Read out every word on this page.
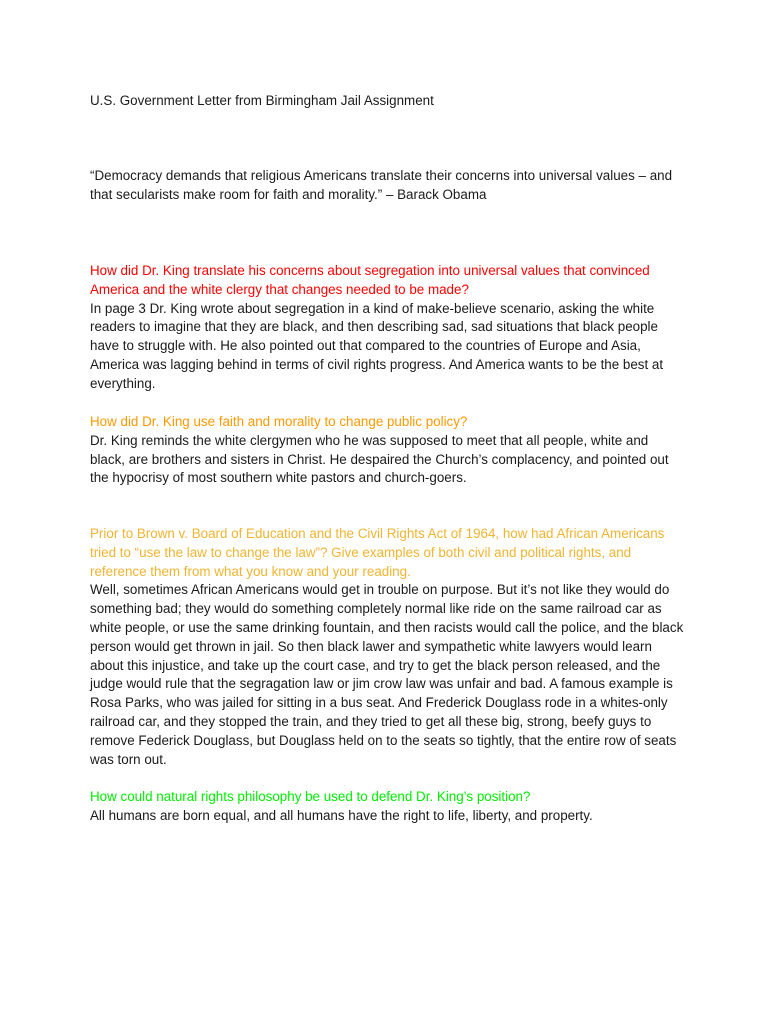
U.S. Government Letter from Birmingham Jail Assignment

“Democracy demands that religious Americans translate their concerns into universal values – and that secularists make room for faith and morality.” – Barack Obama

How did Dr. King translate his concerns about segregation into universal values that convinced America and the white clergy that changes needed to be made?

In page 3 Dr. King wrote about segregation in a kind of make-believe scenario, asking the white readers to imagine that they are black, and then describing sad, sad situations that black people have to struggle with. He also pointed out that compared to the countries of Europe and Asia, America was lagging behind in terms of civil rights progress. And America wants to be the best at everything.

How did Dr. King use faith and morality to change public policy?

Dr. King reminds the white clergymen who he was supposed to meet that all people, white and black, are brothers and sisters in Christ. He despaired the Church’s complacency, and pointed out the hypocrisy of most southern white pastors and church-goers.

Prior to Brown v. Board of Education and the Civil Rights Act of 1964, how had African Americans tried to “use the law to change the law”? Give examples of both civil and political rights, and reference them from what you know and your reading.

Well, sometimes African Americans would get in trouble on purpose. But it’s not like they would do something bad; they would do something completely normal like ride on the same railroad car as white people, or use the same drinking fountain, and then racists would call the police, and the black person would get thrown in jail. So then black lawer and sympathetic white lawyers would learn about this injustice, and take up the court case, and try to get the black person released, and the judge would rule that the segragation law or jim crow law was unfair and bad. A famous example is Rosa Parks, who was jailed for sitting in a bus seat. And Frederick Douglass rode in a whites-only railroad car, and they stopped the train, and they tried to get all these big, strong, beefy guys to remove Federick Douglass, but Douglass held on to the seats so tightly, that the entire row of seats was torn out.

How could natural rights philosophy be used to defend Dr. King’s position?

All humans are born equal, and all humans have the right to life, liberty, and property.
